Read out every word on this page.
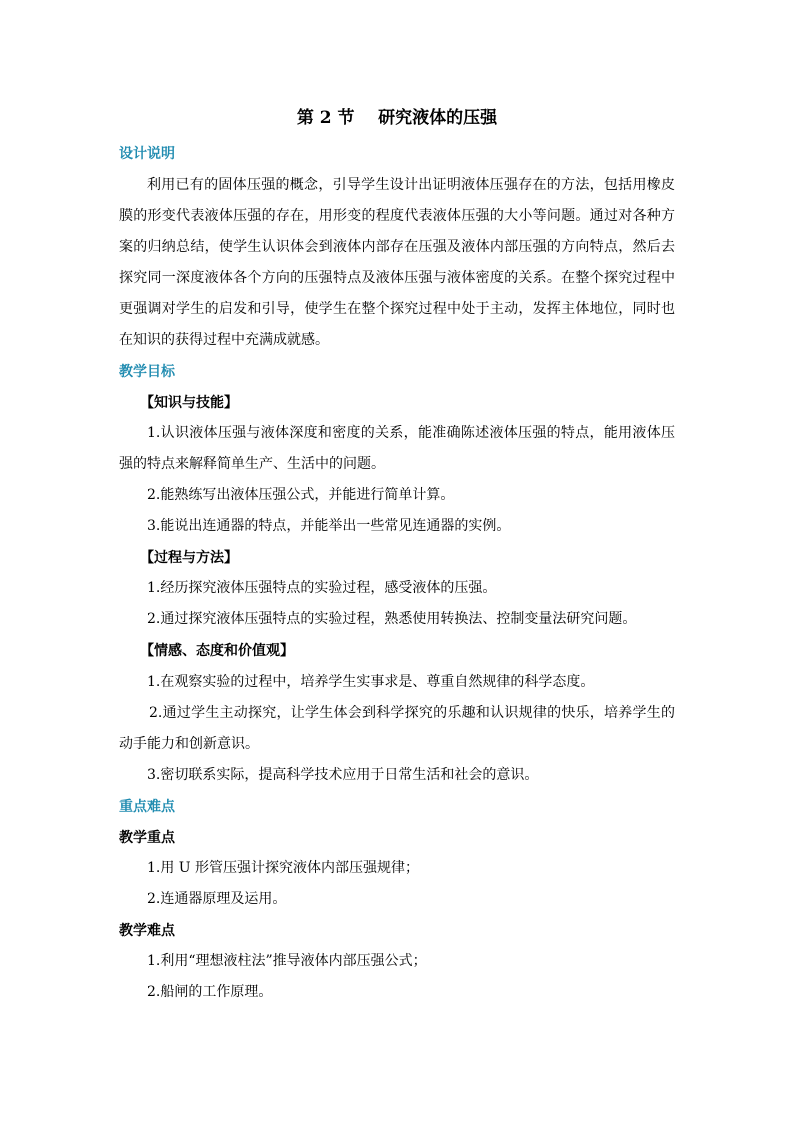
第 2 节    研究液体的压强
设计说明

利用已有的固体压强的概念，引导学生设计出证明液体压强存在的方法，包括用橡皮膜的形变代表液体压强的存在，用形变的程度代表液体压强的大小等问题。通过对各种方案的归纳总结，使学生认识体会到液体内部存在压强及液体内部压强的方向特点，然后去探究同一深度液体各个方向的压强特点及液体压强与液体密度的关系。在整个探究过程中更强调对学生的启发和引导，使学生在整个探究过程中处于主动，发挥主体地位，同时也在知识的获得过程中充满成就感。

教学目标
【知识与技能】

1.认识液体压强与液体深度和密度的关系，能准确陈述液体压强的特点，能用液体压强的特点来解释简单生产、生活中的问题。

2.能熟练写出液体压强公式，并能进行简单计算。

3.能说出连通器的特点，并能举出一些常见连通器的实例。

【过程与方法】

1.经历探究液体压强特点的实验过程，感受液体的压强。

2.通过探究液体压强特点的实验过程，熟悉使用转换法、控制变量法研究问题。

【情感、态度和价值观】

1.在观察实验的过程中，培养学生实事求是、尊重自然规律的科学态度。

2.通过学生主动探究，让学生体会到科学探究的乐趣和认识规律的快乐，培养学生的动手能力和创新意识。

3.密切联系实际，提高科学技术应用于日常生活和社会的意识。

重点难点
教学重点

1.用 U 形管压强计探究液体内部压强规律；

2.连通器原理及运用。

教学难点

1.利用“理想液柱法”推导液体内部压强公式；

2.船闸的工作原理。
